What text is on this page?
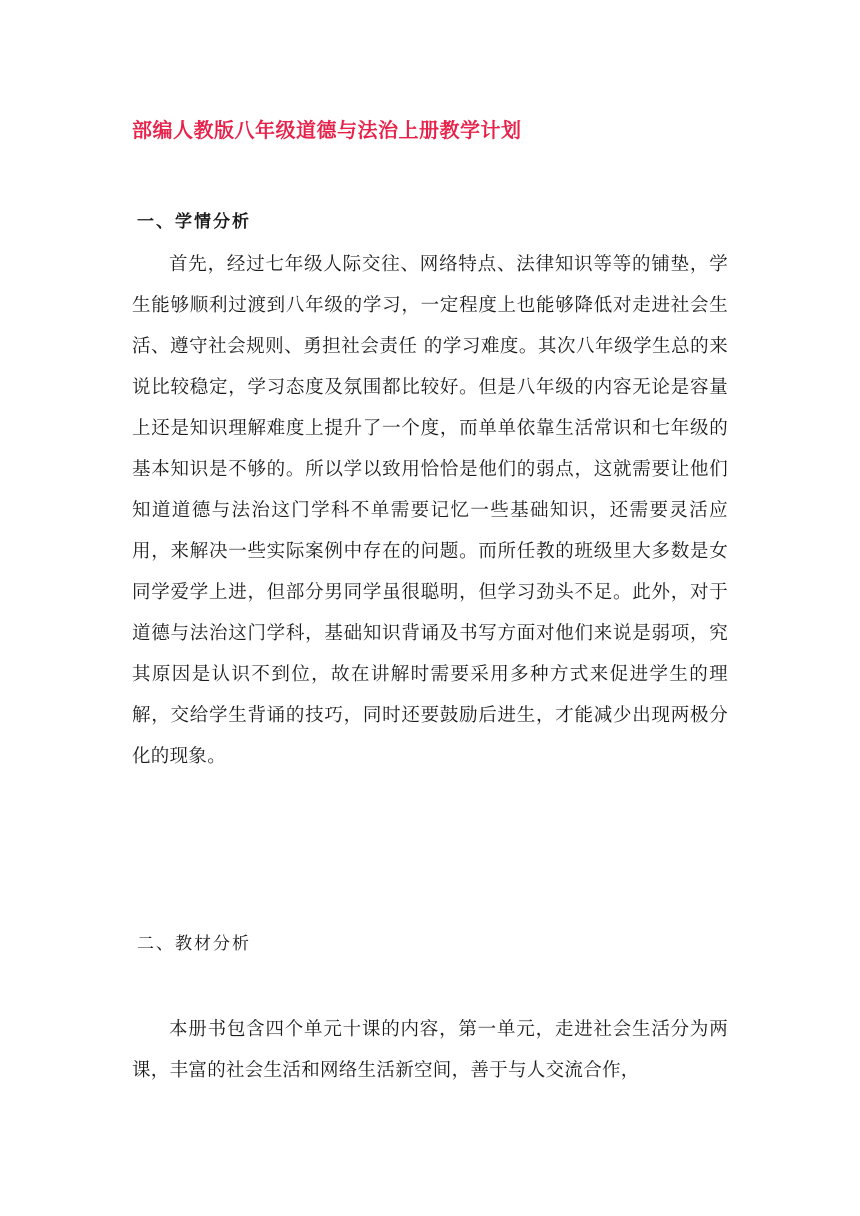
部编人教版八年级道德与法治上册教学计划
一、学情分析
首先，经过七年级人际交往、网络特点、法律知识等等的铺垫，学生能够顺利过渡到八年级的学习，一定程度上也能够降低对走进社会生活、遵守社会规则、勇担社会责任 的学习难度。其次八年级学生总的来说比较稳定，学习态度及氛围都比较好。但是八年级的内容无论是容量上还是知识理解难度上提升了一个度，而单单依靠生活常识和七年级的基本知识是不够的。所以学以致用恰恰是他们的弱点，这就需要让他们知道道德与法治这门学科不单需要记忆一些基础知识，还需要灵活应用，来解决一些实际案例中存在的问题。而所任教的班级里大多数是女同学爱学上进，但部分男同学虽很聪明，但学习劲头不足。此外，对于道德与法治这门学科，基础知识背诵及书写方面对他们来说是弱项，究其原因是认识不到位，故在讲解时需要采用多种方式来促进学生的理解，交给学生背诵的技巧，同时还要鼓励后进生，才能减少出现两极分化的现象。
二、教材分析
本册书包含四个单元十课的内容，第一单元，走进社会生活分为两课，丰富的社会生活和网络生活新空间，善于与人交流合作，
